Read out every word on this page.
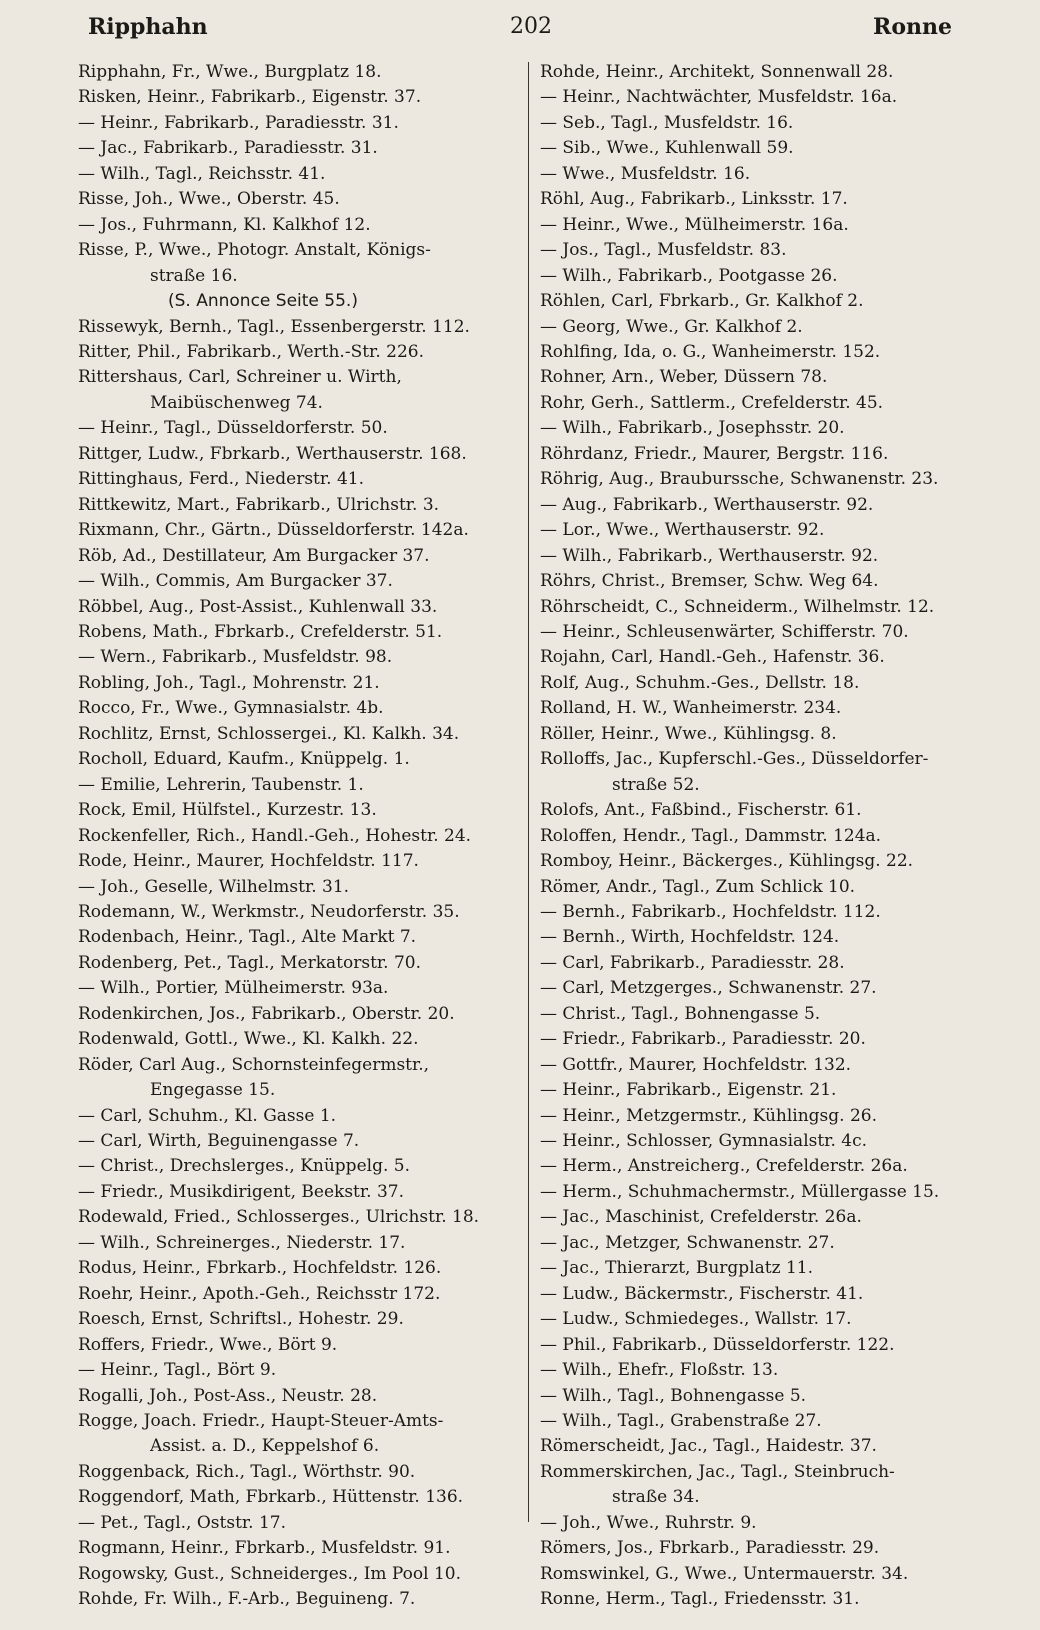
Ripphahn	202	Ronne
Ripphahn, Fr., Wwe., Burgplatz 18.
Risken, Heinr., Fabrikarb., Eigenstr. 37.
— Heinr., Fabrikarb., Paradiesstr. 31.
— Jac., Fabrikarb., Paradiesstr. 31.
— Wilh., Tagl., Reichsstr. 41.
Risse, Joh., Wwe., Oberstr. 45.
— Jos., Fuhrmann, Kl. Kalkhof 12.
Risse, P., Wwe., Photogr. Anstalt, Königs-
straße 16.
(S. Annonce Seite 55.)
Rissewyk, Bernh., Tagl., Essenbergerstr. 112.
Ritter, Phil., Fabrikarb., Werth.-Str. 226.
Rittershaus, Carl, Schreiner u. Wirth,
Maibüschenweg 74.
— Heinr., Tagl., Düsseldorferstr. 50.
Rittger, Ludw., Fbrkarb., Werthauserstr. 168.
Rittinghaus, Ferd., Niederstr. 41.
Rittkewitz, Mart., Fabrikarb., Ulrichstr. 3.
Rixmann, Chr., Gärtn., Düsseldorferstr. 142a.
Röb, Ad., Destillateur, Am Burgacker 37.
— Wilh., Commis, Am Burgacker 37.
Röbbel, Aug., Post-Assist., Kuhlenwall 33.
Robens, Math., Fbrkarb., Crefelderstr. 51.
— Wern., Fabrikarb., Musfeldstr. 98.
Robling, Joh., Tagl., Mohrenstr. 21.
Rocco, Fr., Wwe., Gymnasialstr. 4b.
Rochlitz, Ernst, Schlossergei., Kl. Kalkh. 34.
Rocholl, Eduard, Kaufm., Knüppelg. 1.
— Emilie, Lehrerin, Taubenstr. 1.
Rock, Emil, Hülfstel., Kurzestr. 13.
Rockenfeller, Rich., Handl.-Geh., Hohestr. 24.
Rode, Heinr., Maurer, Hochfeldstr. 117.
— Joh., Geselle, Wilhelmstr. 31.
Rodemann, W., Werkmstr., Neudorferstr. 35.
Rodenbach, Heinr., Tagl., Alte Markt 7.
Rodenberg, Pet., Tagl., Merkatorstr. 70.
— Wilh., Portier, Mülheimerstr. 93a.
Rodenkirchen, Jos., Fabrikarb., Oberstr. 20.
Rodenwald, Gottl., Wwe., Kl. Kalkh. 22.
Röder, Carl Aug., Schornsteinfegermstr.,
Engegasse 15.
— Carl, Schuhm., Kl. Gasse 1.
— Carl, Wirth, Beguinengasse 7.
— Christ., Drechslerges., Knüppelg. 5.
— Friedr., Musikdirigent, Beekstr. 37.
Rodewald, Fried., Schlosserges., Ulrichstr. 18.
— Wilh., Schreinerges., Niederstr. 17.
Rodus, Heinr., Fbrkarb., Hochfeldstr. 126.
Roehr, Heinr., Apoth.-Geh., Reichsstr 172.
Roesch, Ernst, Schriftsl., Hohestr. 29.
Roffers, Friedr., Wwe., Bört 9.
— Heinr., Tagl., Bört 9.
Rogalli, Joh., Post-Ass., Neustr. 28.
Rogge, Joach. Friedr., Haupt-Steuer-Amts-
Assist. a. D., Keppelshof 6.
Roggenback, Rich., Tagl., Wörthstr. 90.
Roggendorf, Math, Fbrkarb., Hüttenstr. 136.
— Pet., Tagl., Oststr. 17.
Rogmann, Heinr., Fbrkarb., Musfeldstr. 91.
Rogowsky, Gust., Schneiderges., Im Pool 10.
Rohde, Fr. Wilh., F.-Arb., Beguineng. 7.
Rohde, Heinr., Architekt, Sonnenwall 28.
— Heinr., Nachtwächter, Musfeldstr. 16a.
— Seb., Tagl., Musfeldstr. 16.
— Sib., Wwe., Kuhlenwall 59.
— Wwe., Musfeldstr. 16.
Röhl, Aug., Fabrikarb., Linksstr. 17.
— Heinr., Wwe., Mülheimerstr. 16a.
— Jos., Tagl., Musfeldstr. 83.
— Wilh., Fabrikarb., Pootgasse 26.
Röhlen, Carl, Fbrkarb., Gr. Kalkhof 2.
— Georg, Wwe., Gr. Kalkhof 2.
Rohlfing, Ida, o. G., Wanheimerstr. 152.
Rohner, Arn., Weber, Düssern 78.
Rohr, Gerh., Sattlerm., Crefelderstr. 45.
— Wilh., Fabrikarb., Josephsstr. 20.
Röhrdanz, Friedr., Maurer, Bergstr. 116.
Röhrig, Aug., Brauburssche, Schwanenstr. 23.
— Aug., Fabrikarb., Werthauserstr. 92.
— Lor., Wwe., Werthauserstr. 92.
— Wilh., Fabrikarb., Werthauserstr. 92.
Röhrs, Christ., Bremser, Schw. Weg 64.
Röhrscheidt, C., Schneiderm., Wilhelmstr. 12.
— Heinr., Schleusenwärter, Schifferstr. 70.
Rojahn, Carl, Handl.-Geh., Hafenstr. 36.
Rolf, Aug., Schuhm.-Ges., Dellstr. 18.
Rolland, H. W., Wanheimerstr. 234.
Röller, Heinr., Wwe., Kühlingsg. 8.
Rolloffs, Jac., Kupferschl.-Ges., Düsseldorfer-
straße 52.
Rolofs, Ant., Faßbind., Fischerstr. 61.
Roloffen, Hendr., Tagl., Dammstr. 124a.
Romboy, Heinr., Bäckerges., Kühlingsg. 22.
Römer, Andr., Tagl., Zum Schlick 10.
— Bernh., Fabrikarb., Hochfeldstr. 112.
— Bernh., Wirth, Hochfeldstr. 124.
— Carl, Fabrikarb., Paradiesstr. 28.
— Carl, Metzgerges., Schwanenstr. 27.
— Christ., Tagl., Bohnengasse 5.
— Friedr., Fabrikarb., Paradiesstr. 20.
— Gottfr., Maurer, Hochfeldstr. 132.
— Heinr., Fabrikarb., Eigenstr. 21.
— Heinr., Metzgermstr., Kühlingsg. 26.
— Heinr., Schlosser, Gymnasialstr. 4c.
— Herm., Anstreicherg., Crefelderstr. 26a.
— Herm., Schuhmachermstr., Müllergasse 15.
— Jac., Maschinist, Crefelderstr. 26a.
— Jac., Metzger, Schwanenstr. 27.
— Jac., Thierarzt, Burgplatz 11.
— Ludw., Bäckermstr., Fischerstr. 41.
— Ludw., Schmiedeges., Wallstr. 17.
— Phil., Fabrikarb., Düsseldorferstr. 122.
— Wilh., Ehefr., Floßstr. 13.
— Wilh., Tagl., Bohnengasse 5.
— Wilh., Tagl., Grabenstraße 27.
Römerscheidt, Jac., Tagl., Haidestr. 37.
Rommerskirchen, Jac., Tagl., Steinbruch-
straße 34.
— Joh., Wwe., Ruhrstr. 9.
Römers, Jos., Fbrkarb., Paradiesstr. 29.
Romswinkel, G., Wwe., Untermauerstr. 34.
Ronne, Herm., Tagl., Friedensstr. 31.
